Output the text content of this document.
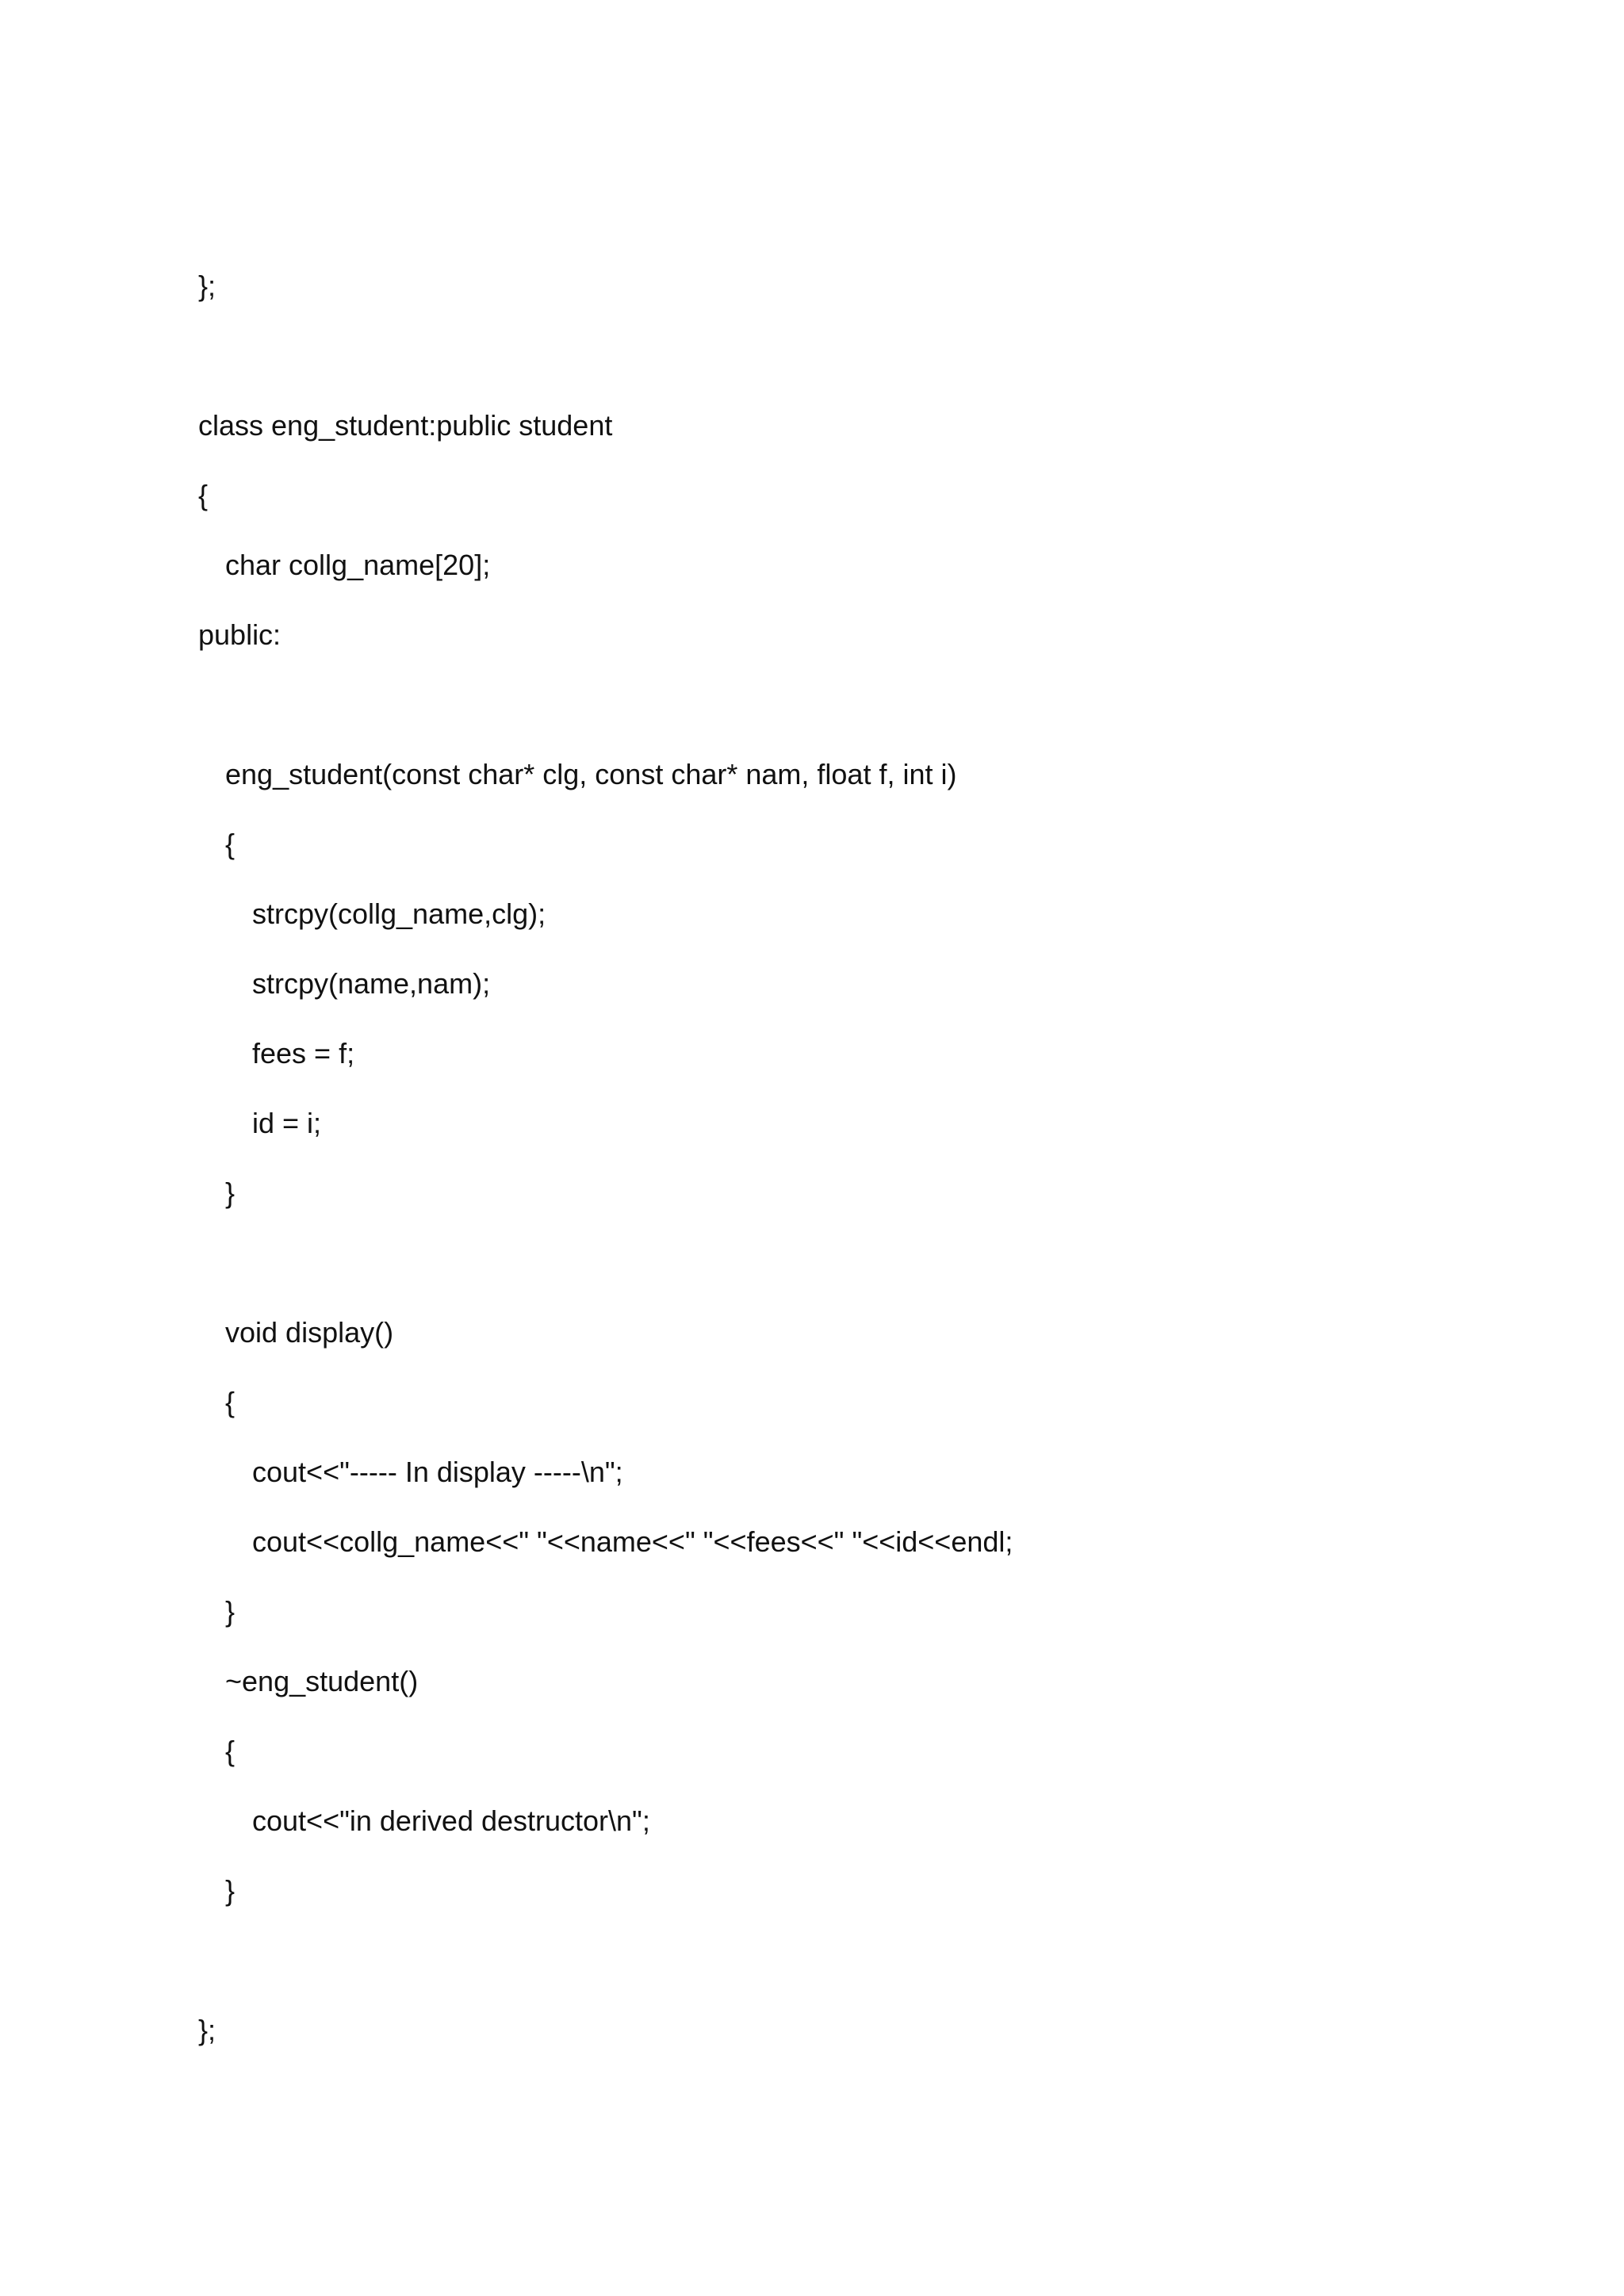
};
class eng_student:public student
{
char collg_name[20];
public:
eng_student(const char* clg, const char* nam, float f, int i)
{
strcpy(collg_name,clg);
strcpy(name,nam);
fees = f;
id = i;
}
void display()
{
cout<<"----- In display -----\n";
cout<<collg_name<<" "<<name<<" "<<fees<<" "<<id<<endl;
}
~eng_student()
{
cout<<"in derived destructor\n";
}
};
